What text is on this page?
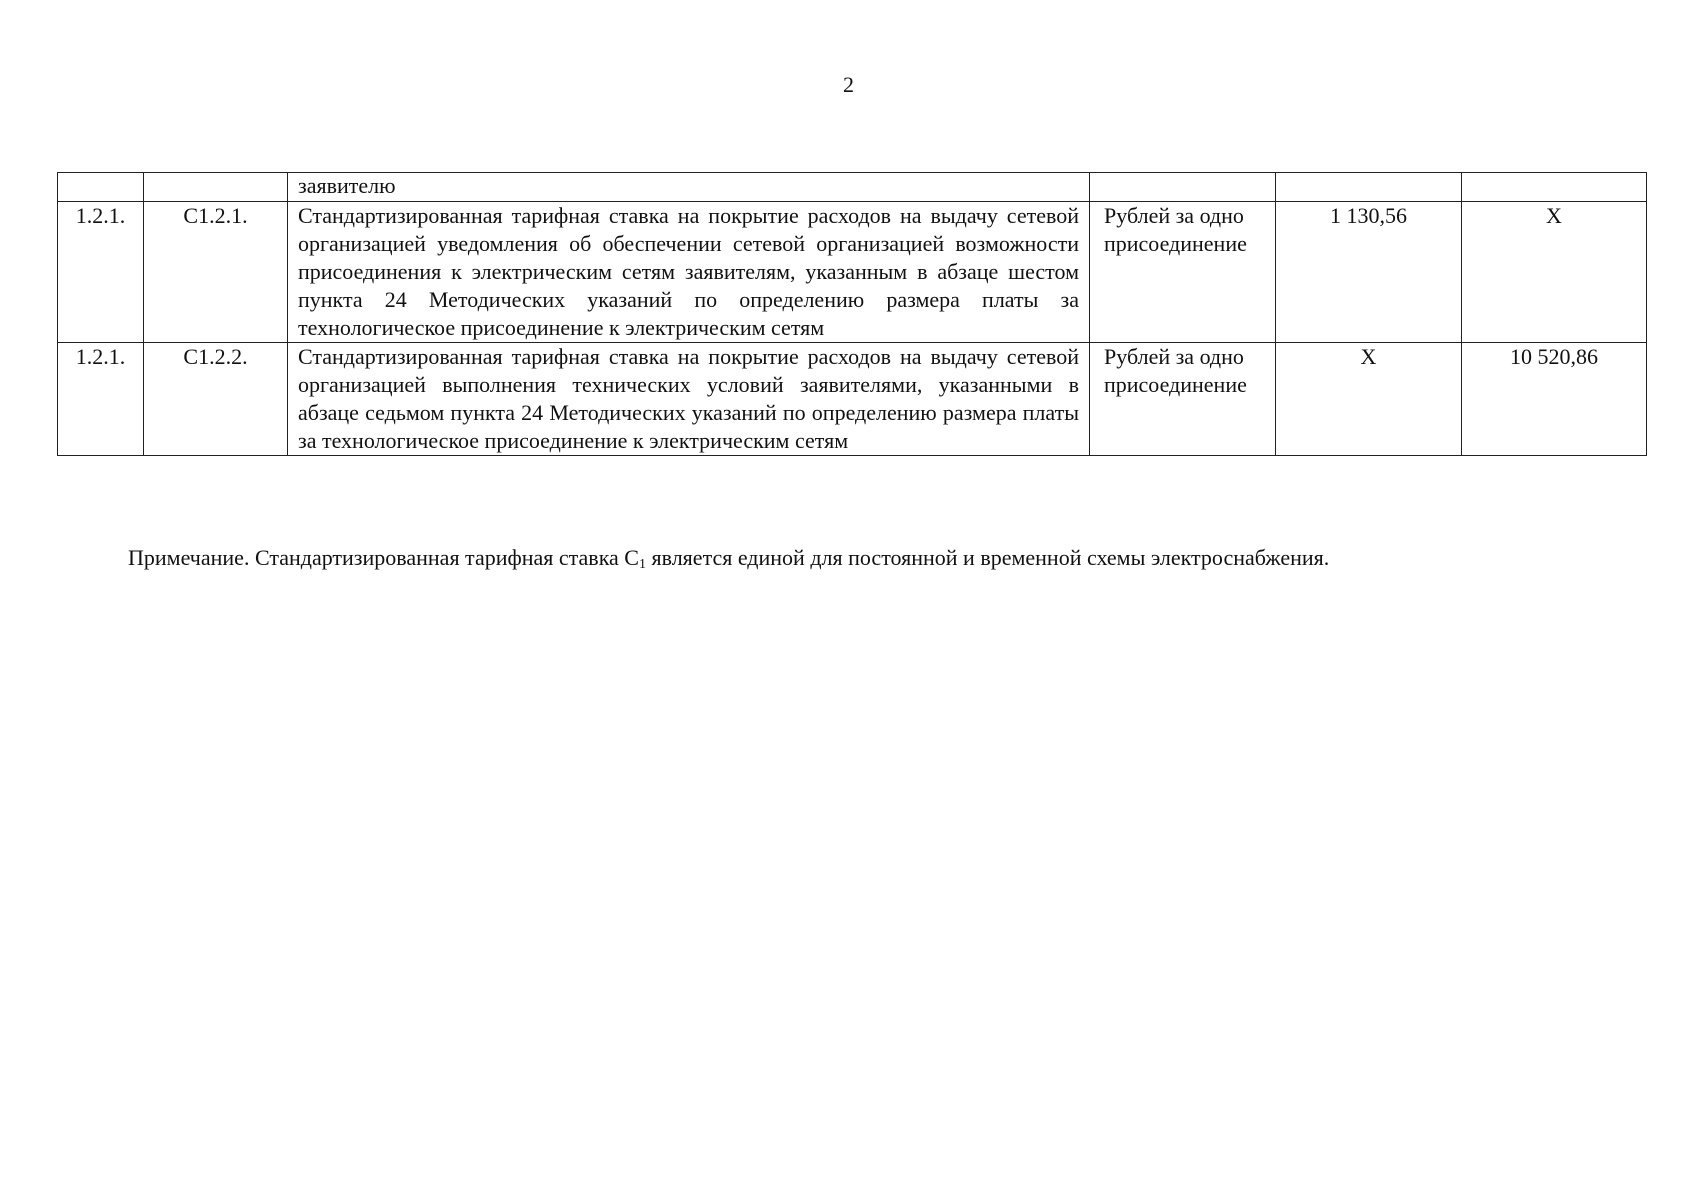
2
		заявителю			
1.2.1.	С1.2.1.	Стандартизированная тарифная ставка на покрытие расходов на выдачу сетевой организацией уведомления об обеспечении сетевой организацией возможности присоединения к электрическим сетям заявителям, указанным в абзаце шестом пункта 24 Методических указаний по определению размера платы за технологическое присоединение к электрическим сетям	Рублей за одно присоединение	1 130,56	Х
1.2.1.	С1.2.2.	Стандартизированная тарифная ставка на покрытие расходов на выдачу сетевой организацией выполнения технических условий заявителями, указанными в абзаце седьмом пункта 24 Методических указаний по определению размера платы за технологическое присоединение к электрическим сетям	Рублей за одно присоединение	Х	10 520,86
Примечание. Стандартизированная тарифная ставка $С_1$ является единой для постоянной и временной схемы электроснабжения.
